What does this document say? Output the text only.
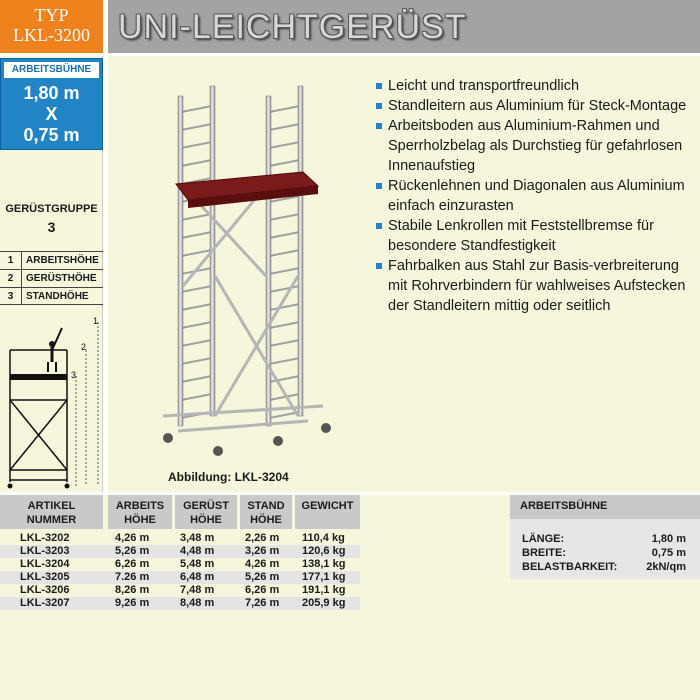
TYP
LKL-3200 UNI-LEICHTGERÜST
ARBEITSBÜHNE
1,80 m
X
0,75 m
GERÜSTGRUPPE
3
1	ARBEITSHÖHE
2	GERÜSTHÖHE
3	STANDHÖHE
1
2
3
Abbildung: LKL-3204
Leicht und transportfreundlich
Standleitern aus Aluminium für Steck-Montage
Arbeitsboden aus Aluminium-Rahmen und Sperrholzbelag als Durchstieg für gefahrlosen Innenaufstieg
Rückenlehnen und Diagonalen aus Aluminium einfach einzurasten
Stabile Lenkrollen mit Feststellbremse für besondere Standfestigkeit
Fahrbalken aus Stahl zur Basis-verbreiterung mit Rohrverbindern für wahlweises Aufstecken der Standleitern mittig oder seitlich
ARTIKEL
NUMMER
ARBEITS
HÖHE
GERÜST
HÖHE
STAND
HÖHE
GEWICHT
LKL-3202	4,26 m	3,48 m	2,26 m 110,4 kg
LKL-3203	5,26 m	4,48 m	3,26 m 120,6 kg
LKL-3204	6,26 m	5,48 m	4,26 m 138,1 kg
LKL-3205	7.26 m	6,48 m	5,26 m 177,1 kg
LKL-3206	8,26 m	7,48 m	6,26 m 191,1 kg
LKL-3207	9,26 m	8,48 m	7,26 m 205,9 kg
ARBEITSBÜHNE
LÄNGE:	1,80 m
BREITE:	0,75 m
BELASTBARKEIT:	2kN/qm
